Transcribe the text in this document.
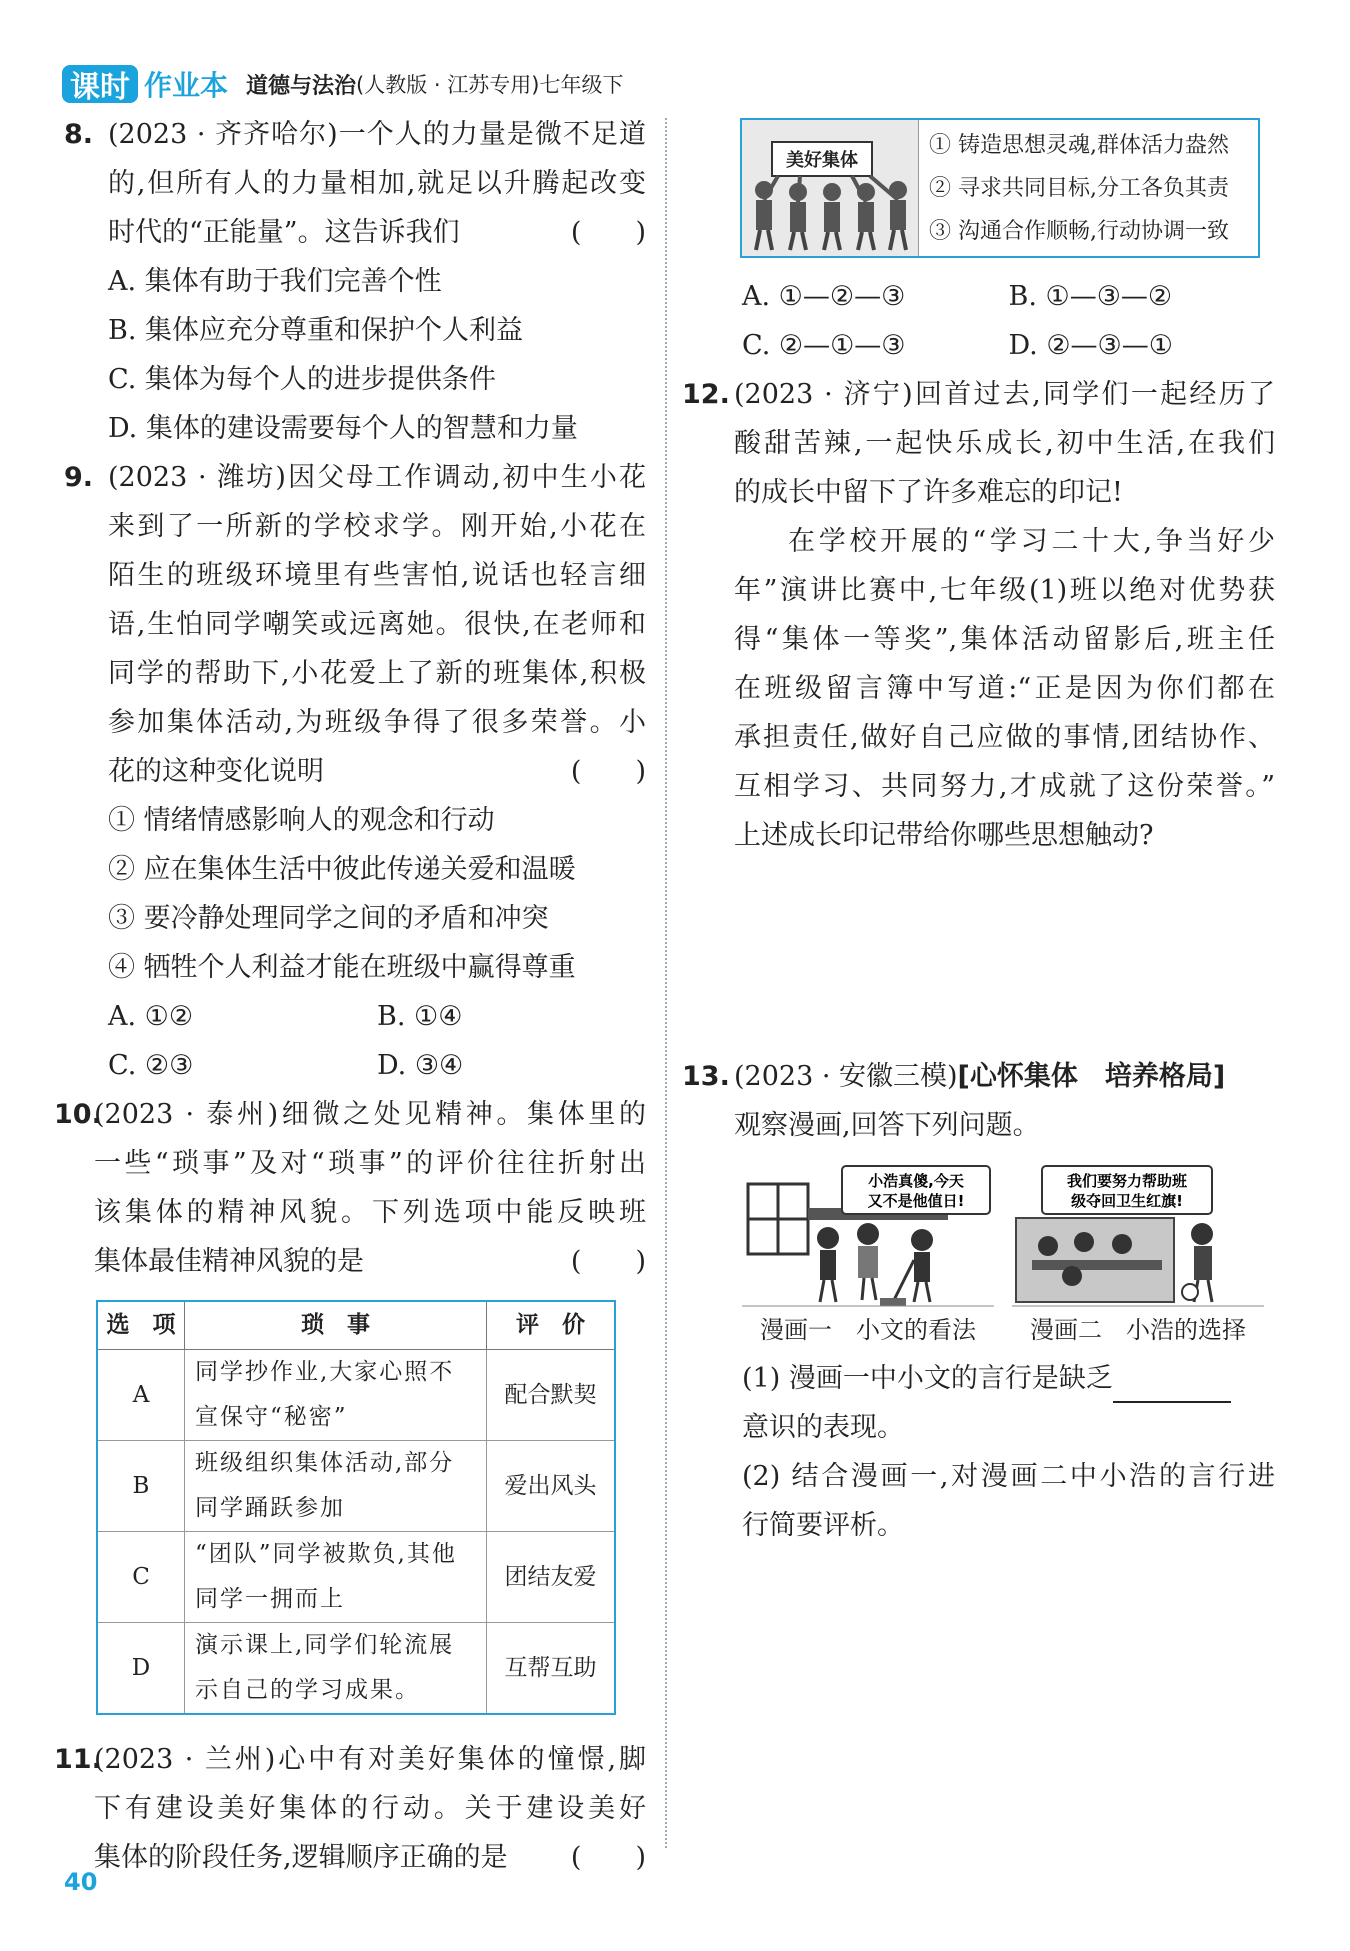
课时 作业本 道德与法治 (人教版 · 江苏专用)七年级下
8. (2023 · 齐齐哈尔)一个人的力量是微不足道
的,但所有人的力量相加,就足以升腾起改变
时代的“正能量”。这告诉我们	(　　)
A. 集体有助于我们完善个性
B. 集体应充分尊重和保护个人利益
C. 集体为每个人的进步提供条件
D. 集体的建设需要每个人的智慧和力量
9. (2023 · 潍坊)因父母工作调动,初中生小花
来到了一所新的学校求学。刚开始,小花在
陌生的班级环境里有些害怕,说话也轻言细
语,生怕同学嘲笑或远离她。很快,在老师和
同学的帮助下,小花爱上了新的班集体,积极
参加集体活动,为班级争得了很多荣誉。小
花的这种变化说明	(　　)
① 情绪情感影响人的观念和行动
② 应在集体生活中彼此传递关爱和温暖
③ 要冷静处理同学之间的矛盾和冲突
④ 牺牲个人利益才能在班级中赢得尊重
A. ①②	B. ①④
C. ②③	D. ③④
10.
(2023 · 泰州)细微之处见精神。集体里的
一些“琐事”及对“琐事”的评价往往折射出
该集体的精神风貌。下列选项中能反映班
集体最佳精神风貌的是	(　　)
选　项	琐　事	评　价
A	同学抄作业,大家心照不宣保守“秘密”	配合默契
B	班级组织集体活动,部分同学踊跃参加	爱出风头
C	“团队”同学被欺负,其他同学一拥而上	团结友爱
D	演示课上,同学们轮流展示自己的学习成果。	互帮互助
11.
(2023 · 兰州)心中有对美好集体的憧憬,脚
下有建设美好集体的行动。关于建设美好
集体的阶段任务,逻辑顺序正确的是 (　　)
美好集体
① 铸造思想灵魂,群体活力盎然
② 寻求共同目标,分工各负其责
③ 沟通合作顺畅,行动协调一致
A. ①—②—③	B. ①—③—②
C. ②—①—③	D. ②—③—①
12. (2023 · 济宁)回首过去,同学们一起经历了
酸甜苦辣,一起快乐成长,初中生活,在我们
的成长中留下了许多难忘的印记!
在学校开展的“学习二十大,争当好少
年”演讲比赛中,七年级(1)班以绝对优势获
得“集体一等奖”,集体活动留影后,班主任
在班级留言簿中写道:“正是因为你们都在
承担责任,做好自己应做的事情,团结协作、
互相学习、共同努力,才成就了这份荣誉。”
上述成长印记带给你哪些思想触动?
13. (2023 · 安徽三模)[心怀集体　培养格局]
观察漫画,回答下列问题。
小浩真傻,今天
又不是他值日!
漫画一　小文的看法
我们要努力帮助班
级夺回卫生红旗!
漫画二　小浩的选择
(1) 漫画一中小文的言行是缺乏
意识的表现。
(2) 结合漫画一,对漫画二中小浩的言行进
行简要评析。
40
